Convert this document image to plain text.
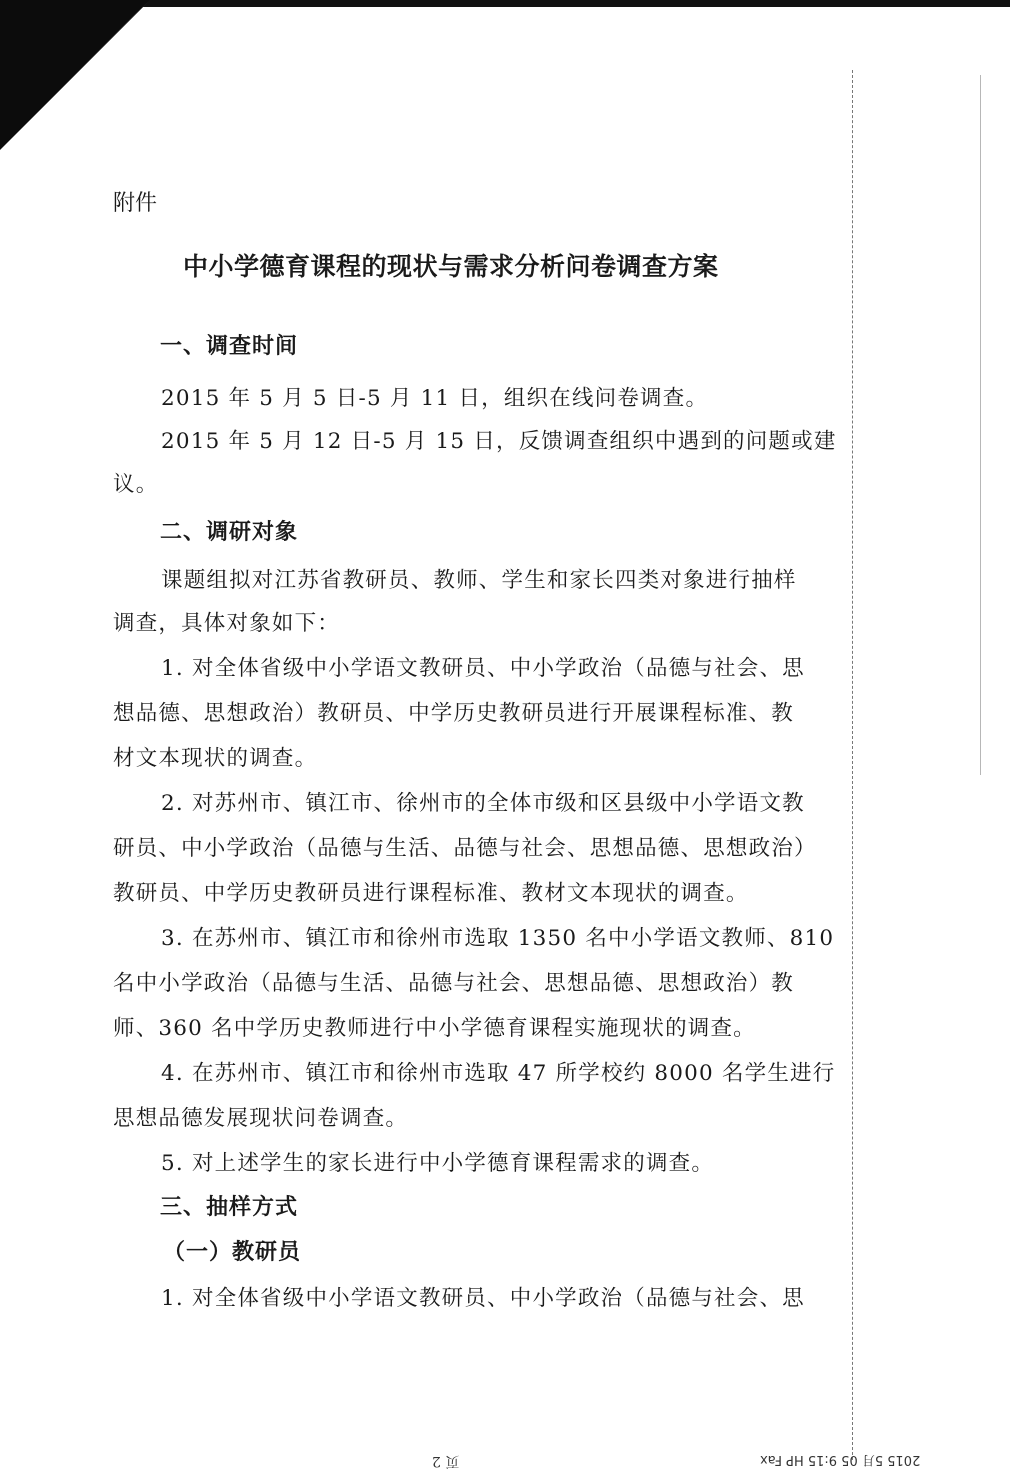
附件
中小学德育课程的现状与需求分析问卷调查方案
一、调查时间
2015 年 5 月 5 日-5 月 11 日，组织在线问卷调查。
2015 年 5 月 12 日-5 月 15 日，反馈调查组织中遇到的问题或建
议。
二、调研对象
课题组拟对江苏省教研员、教师、学生和家长四类对象进行抽样
调查，具体对象如下：
1. 对全体省级中小学语文教研员、中小学政治（品德与社会、思
想品德、思想政治）教研员、中学历史教研员进行开展课程标准、教
材文本现状的调查。
2. 对苏州市、镇江市、徐州市的全体市级和区县级中小学语文教
研员、中小学政治（品德与生活、品德与社会、思想品德、思想政治）
教研员、中学历史教研员进行课程标准、教材文本现状的调查。
3. 在苏州市、镇江市和徐州市选取 1350 名中小学语文教师、810
名中小学政治（品德与生活、品德与社会、思想品德、思想政治）教
师、360 名中学历史教师进行中小学德育课程实施现状的调查。
4. 在苏州市、镇江市和徐州市选取 47 所学校约 8000 名学生进行
思想品德发展现状问卷调查。
5. 对上述学生的家长进行中小学德育课程需求的调查。
三、抽样方式
（一）教研员
1. 对全体省级中小学语文教研员、中小学政治（品德与社会、思
页 2	2015 5月 05 9:15 HP Fax
